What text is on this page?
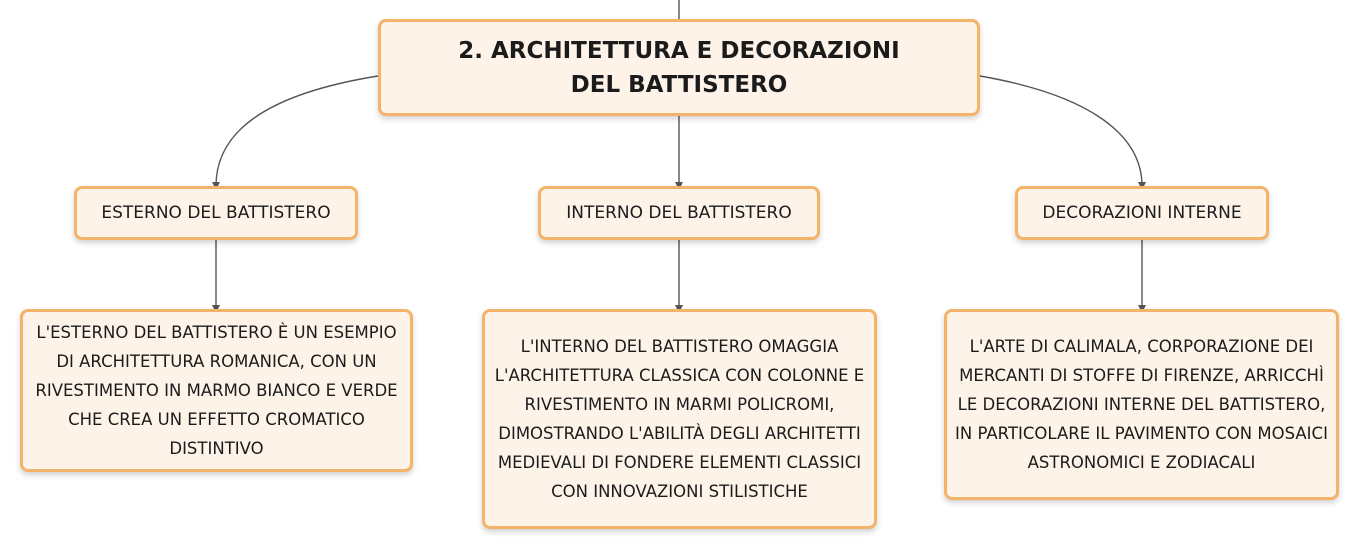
2. ARCHITETTURA E DECORAZIONI DEL BATTISTERO
ESTERNO DEL BATTISTERO	INTERNO DEL BATTISTERO	DECORAZIONI INTERNE
L'ESTERNO DEL BATTISTERO È UN ESEMPIO DI ARCHITETTURA ROMANICA, CON UN RIVESTIMENTO IN MARMO BIANCO E VERDE CHE CREA UN EFFETTO CROMATICO DISTINTIVO
L'INTERNO DEL BATTISTERO OMAGGIA L'ARCHITETTURA CLASSICA CON COLONNE E RIVESTIMENTO IN MARMI POLICROMI, DIMOSTRANDO L'ABILITÀ DEGLI ARCHITETTI MEDIEVALI DI FONDERE ELEMENTI CLASSICI CON INNOVAZIONI STILISTICHE
L'ARTE DI CALIMALA, CORPORAZIONE DEI MERCANTI DI STOFFE DI FIRENZE, ARRICCHÌ LE DECORAZIONI INTERNE DEL BATTISTERO, IN PARTICOLARE IL PAVIMENTO CON MOSAICI ASTRONOMICI E ZODIACALI
